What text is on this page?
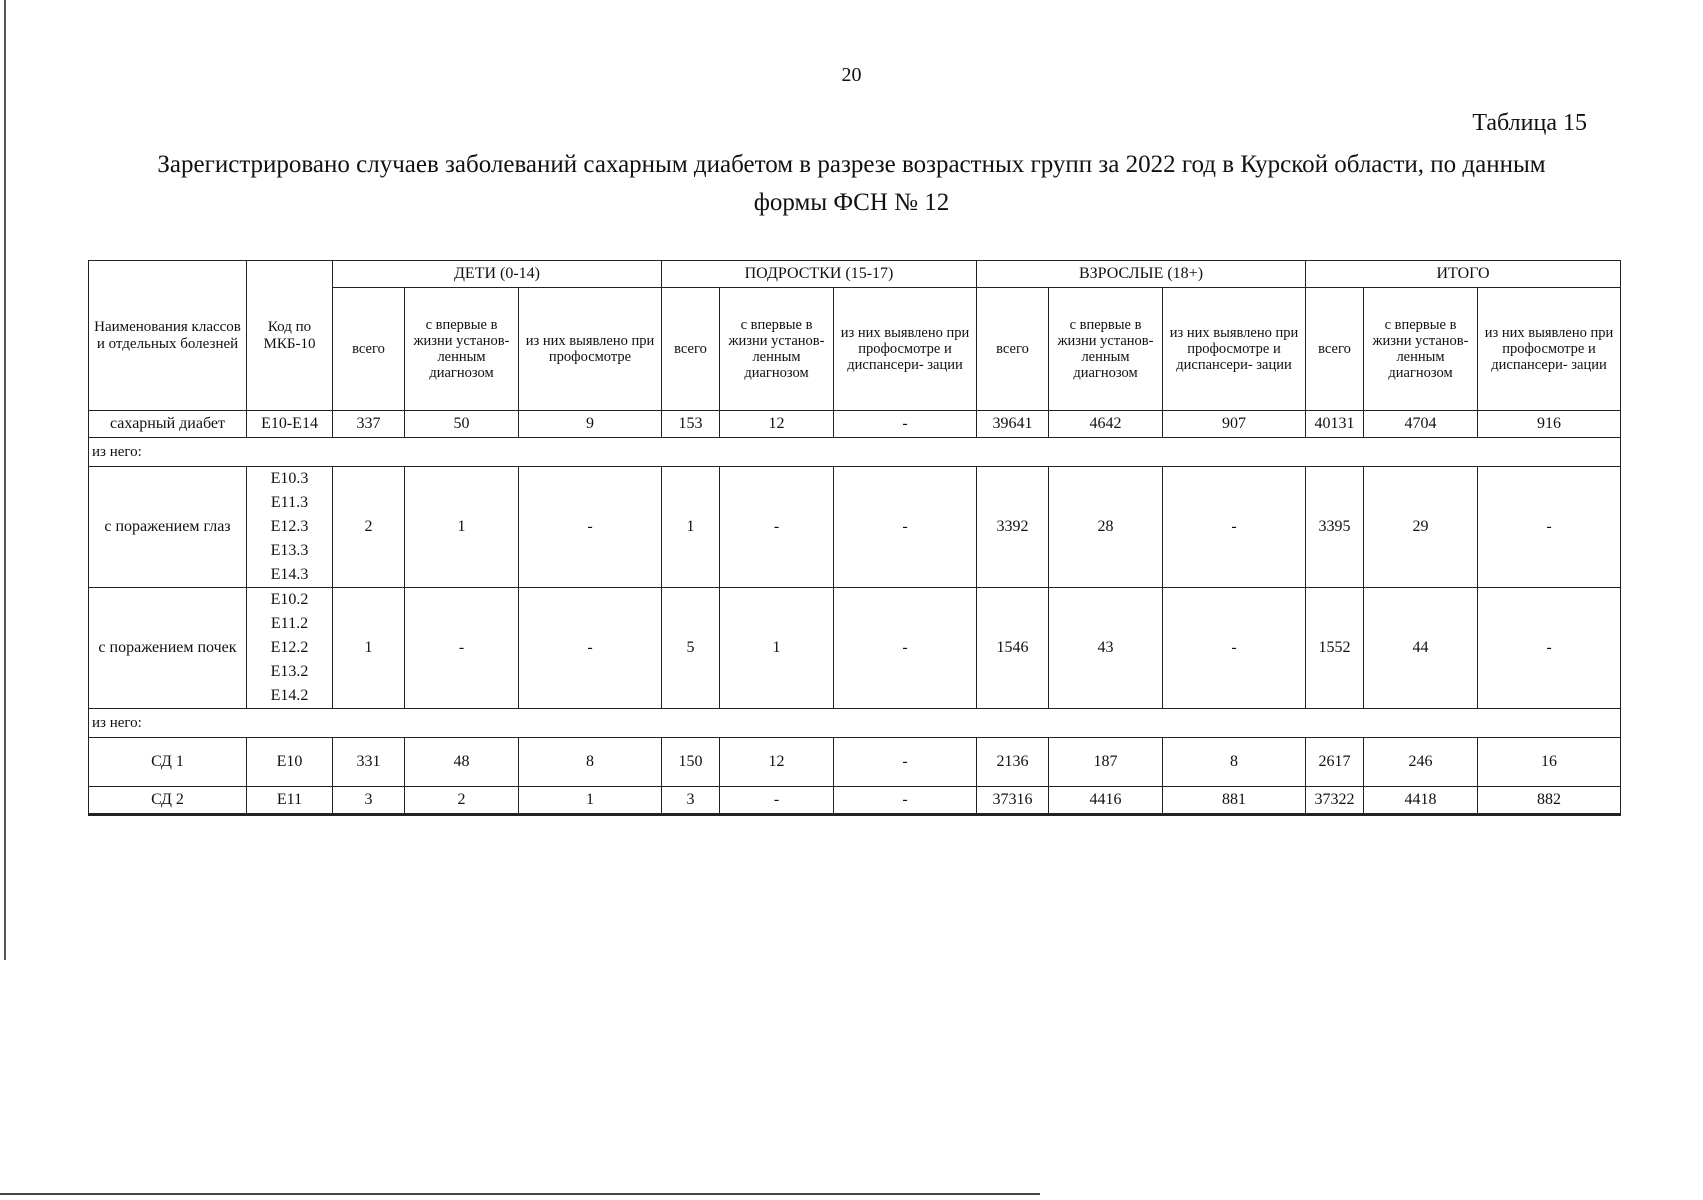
20
Таблица 15
Зарегистрировано случаев заболеваний сахарным диабетом в разрезе возрастных групп за 2022 год в Курской области, по данным формы ФСН № 12
Наименования классов и отдельных болезней	Код по МКБ-10	ДЕТИ (0-14)			ПОДРОСТКИ (15-17)			ВЗРОСЛЫЕ (18+)			ИТОГО		
		всего	с впервые в жизни установ- ленным диагнозом	из них выявлено при профосмотре	всего	с впервые в жизни установ- ленным диагнозом	из них выявлено при профосмотре и диспансери- зации	всего	с впервые в жизни установ- ленным диагнозом	из них выявлено при профосмотре и диспансери- зации	всего	с впервые в жизни установ- ленным диагнозом	из них выявлено при профосмотре и диспансери- зации
сахарный диабет	E10-E14	337	50	9	153	12	-	39641	4642	907	40131	4704	916
из него:													
с поражением глаз	E10.3
E11.3
E12.3
E13.3
E14.3	2	1	-	1	-	-	3392	28	-	3395	29	-
с поражением почек	E10.2
E11.2
E12.2
E13.2
E14.2	1	-	-	5	1	-	1546	43	-	1552	44	-
из него:													
СД 1	E10	331	48	8	150	12	-	2136	187	8	2617	246	16
СД 2	E11	3	2	1	3	-	-	37316	4416	881	37322	4418	882
